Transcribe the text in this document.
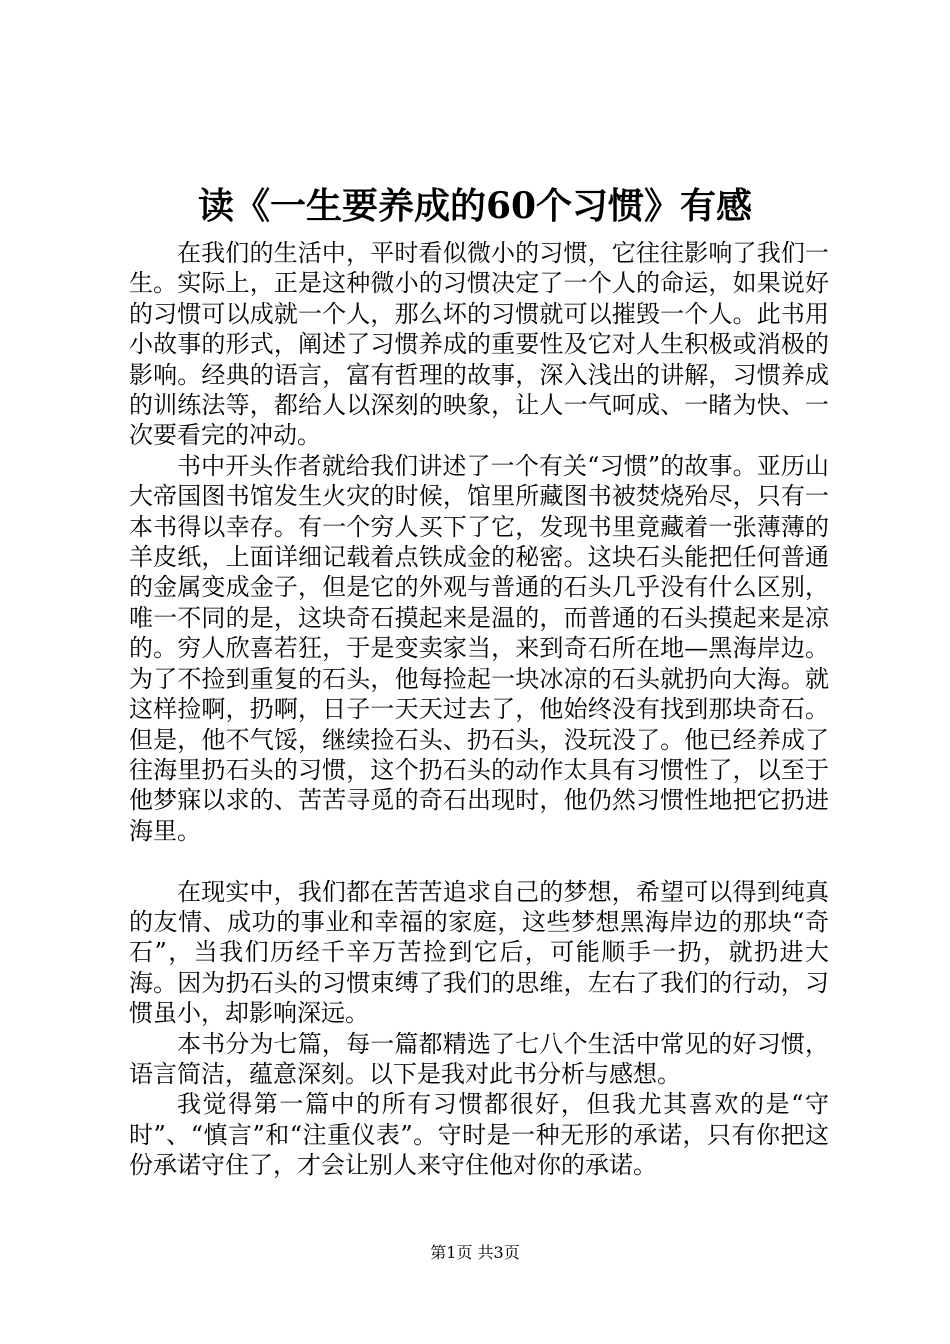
读《一生要养成的60个习惯》有感

在我们的生活中，平时看似微小的习惯，它往往影响了我们一生。实际上，正是这种微小的习惯决定了一个人的命运，如果说好的习惯可以成就一个人，那么坏的习惯就可以摧毁一个人。此书用小故事的形式，阐述了习惯养成的重要性及它对人生积极或消极的影响。经典的语言，富有哲理的故事，深入浅出的讲解，习惯养成的训练法等，都给人以深刻的映象，让人一气呵成、一睹为快、一次要看完的冲动。

书中开头作者就给我们讲述了一个有关“习惯”的故事。亚历山大帝国图书馆发生火灾的时候，馆里所藏图书被焚烧殆尽，只有一本书得以幸存。有一个穷人买下了它，发现书里竟藏着一张薄薄的羊皮纸，上面详细记载着点铁成金的秘密。这块石头能把任何普通的金属变成金子，但是它的外观与普通的石头几乎没有什么区别，唯一不同的是，这块奇石摸起来是温的，而普通的石头摸起来是凉的。穷人欣喜若狂，于是变卖家当，来到奇石所在地—黑海岸边。为了不捡到重复的石头，他每捡起一块冰凉的石头就扔向大海。就这样捡啊，扔啊，日子一天天过去了，他始终没有找到那块奇石。但是，他不气馁，继续捡石头、扔石头，没玩没了。他已经养成了往海里扔石头的习惯，这个扔石头的动作太具有习惯性了，以至于他梦寐以求的、苦苦寻觅的奇石出现时，他仍然习惯性地把它扔进海里。

在现实中，我们都在苦苦追求自己的梦想，希望可以得到纯真的友情、成功的事业和幸福的家庭，这些梦想黑海岸边的那块“奇石”，当我们历经千辛万苦捡到它后，可能顺手一扔，就扔进大海。因为扔石头的习惯束缚了我们的思维，左右了我们的行动，习惯虽小，却影响深远。

本书分为七篇，每一篇都精选了七八个生活中常见的好习惯，语言简洁，蕴意深刻。以下是我对此书分析与感想。

我觉得第一篇中的所有习惯都很好，但我尤其喜欢的是“守时”、“慎言”和“注重仪表”。守时是一种无形的承诺，只有你把这份承诺守住了，才会让别人来守住他对你的承诺。

第1页 共3页
